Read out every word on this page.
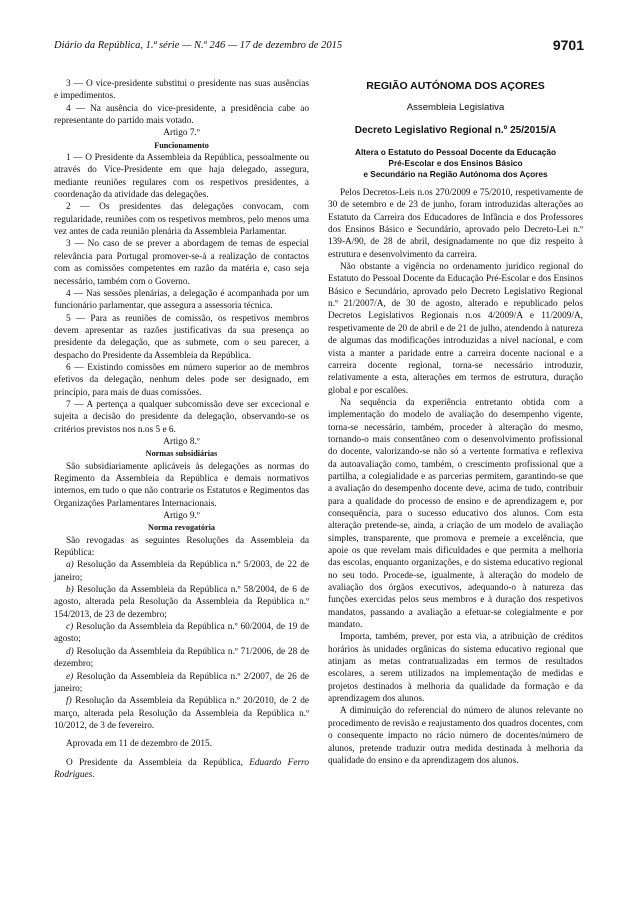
Diário da República, 1.ª série — N.º 246 — 17 de dezembro de 2015	9701

3 — O vice-presidente substitui o presidente nas suas ausências e impedimentos.

4 — Na ausência do vice-presidente, a presidência cabe ao representante do partido mais votado.

Artigo 7.º

Funcionamento

1 — O Presidente da Assembleia da República, pessoalmente ou através do Vice-Presidente em que haja delegado, assegura, mediante reuniões regulares com os respetivos presidentes, a coordenação da atividade das delegações.

2 — Os presidentes das delegações convocam, com regularidade, reuniões com os respetivos membros, pelo menos uma vez antes de cada reunião plenária da Assembleia Parlamentar.

3 — No caso de se prever a abordagem de temas de especial relevância para Portugal promover-se-á a realização de contactos com as comissões competentes em razão da matéria e, caso seja necessário, também com o Governo.

4 — Nas sessões plenárias, a delegação é acompanhada por um funcionário parlamentar, que assegura a assessoria técnica.

5 — Para as reuniões de comissão, os respetivos membros devem apresentar as razões justificativas da sua presença ao presidente da delegação, que as submete, com o seu parecer, a despacho do Presidente da Assembleia da República.

6 — Existindo comissões em número superior ao de membros efetivos da delegação, nenhum deles pode ser designado, em princípio, para mais de duas comissões.

7 — A pertença a qualquer subcomissão deve ser excecional e sujeita a decisão do presidente da delegação, observando-se os critérios previstos nos n.os 5 e 6.

Artigo 8.º

Normas subsidiárias

São subsidiariamente aplicáveis às delegações as normas do Regimento da Assembleia da República e demais normativos internos, em tudo o que não contrarie os Estatutos e Regimentos das Organizações Parlamentares Internacionais.

Artigo 9.º

Norma revogatória

São revogadas as seguintes Resoluções da Assembleia da República:

a) Resolução da Assembleia da República n.º 5/2003, de 22 de janeiro;

b) Resolução da Assembleia da República n.º 58/2004, de 6 de agosto, alterada pela Resolução da Assembleia da República n.º 154/2013, de 23 de dezembro;

c) Resolução da Assembleia da República n.º 60/2004, de 19 de agosto;

d) Resolução da Assembleia da República n.º 71/2006, de 28 de dezembro;

e) Resolução da Assembleia da República n.º 2/2007, de 26 de janeiro;

f) Resolução da Assembleia da República n.º 20/2010, de 2 de março, alterada pela Resolução da Assembleia da República n.º 10/2012, de 3 de fevereiro.

Aprovada em 11 de dezembro de 2015.

O Presidente da Assembleia da República, Eduardo Ferro Rodrigues.

REGIÃO AUTÓNOMA DOS AÇORES
Assembleia Legislativa
Decreto Legislativo Regional n.º 25/2015/A
Altera o Estatuto do Pessoal Docente da Educação
Pré-Escolar e dos Ensinos Básico
e Secundário na Região Autónoma dos Açores

Pelos Decretos-Leis n.os 270/2009 e 75/2010, respetivamente de 30 de setembro e de 23 de junho, foram introduzidas alterações ao Estatuto da Carreira dos Educadores de Infância e dos Professores dos Ensinos Básico e Secundário, aprovado pelo Decreto-Lei n.º 139-A/90, de 28 de abril, designadamente no que diz respeito à estrutura e desenvolvimento da carreira.

Não obstante a vigência no ordenamento jurídico regional do Estatuto do Pessoal Docente da Educação Pré-Escolar e dos Ensinos Básico e Secundário, aprovado pelo Decreto Legislativo Regional n.º 21/2007/A, de 30 de agosto, alterado e republicado pelos Decretos Legislativos Regionais n.os 4/2009/A e 11/2009/A, respetivamente de 20 de abril e de 21 de julho, atendendo à natureza de algumas das modificações introduzidas a nível nacional, e com vista a manter a paridade entre a carreira docente nacional e a carreira docente regional, torna-se necessário introduzir, relativamente a esta, alterações em termos de estrutura, duração global e por escalões.

Na sequência da experiência entretanto obtida com a implementação do modelo de avaliação do desempenho vigente, torna-se necessário, também, proceder à alteração do mesmo, tornando-o mais consentâneo com o desenvolvimento profissional do docente, valorizando-se não só a vertente formativa e reflexiva da autoavaliação como, também, o crescimento profissional que a partilha, a colegialidade e as parcerias permitem, garantindo-se que a avaliação do desempenho docente deve, acima de tudo, contribuir para a qualidade do processo de ensino e de aprendizagem e, por consequência, para o sucesso educativo dos alunos. Com esta alteração pretende-se, ainda, a criação de um modelo de avaliação simples, transparente, que promova e premeie a excelência, que apoie os que revelam mais dificuldades e que permita a melhoria das escolas, enquanto organizações, e do sistema educativo regional no seu todo. Procede-se, igualmente, à alteração do modelo de avaliação dos órgãos executivos, adequando-o à natureza das funções exercidas pelos seus membros e à duração dos respetivos mandatos, passando a avaliação a efetuar-se colegialmente e por mandato.

Importa, também, prever, por esta via, a atribuição de créditos horários às unidades orgânicas do sistema educativo regional que atinjam as metas contratualizadas em termos de resultados escolares, a serem utilizados na implementação de medidas e projetos destinados à melhoria da qualidade da formação e da aprendizagem dos alunos.

A diminuição do referencial do número de alunos relevante no procedimento de revisão e reajustamento dos quadros docentes, com o consequente impacto no rácio número de docentes/número de alunos, pretende traduzir outra medida destinada à melhoria da qualidade do ensino e da aprendizagem dos alunos.
